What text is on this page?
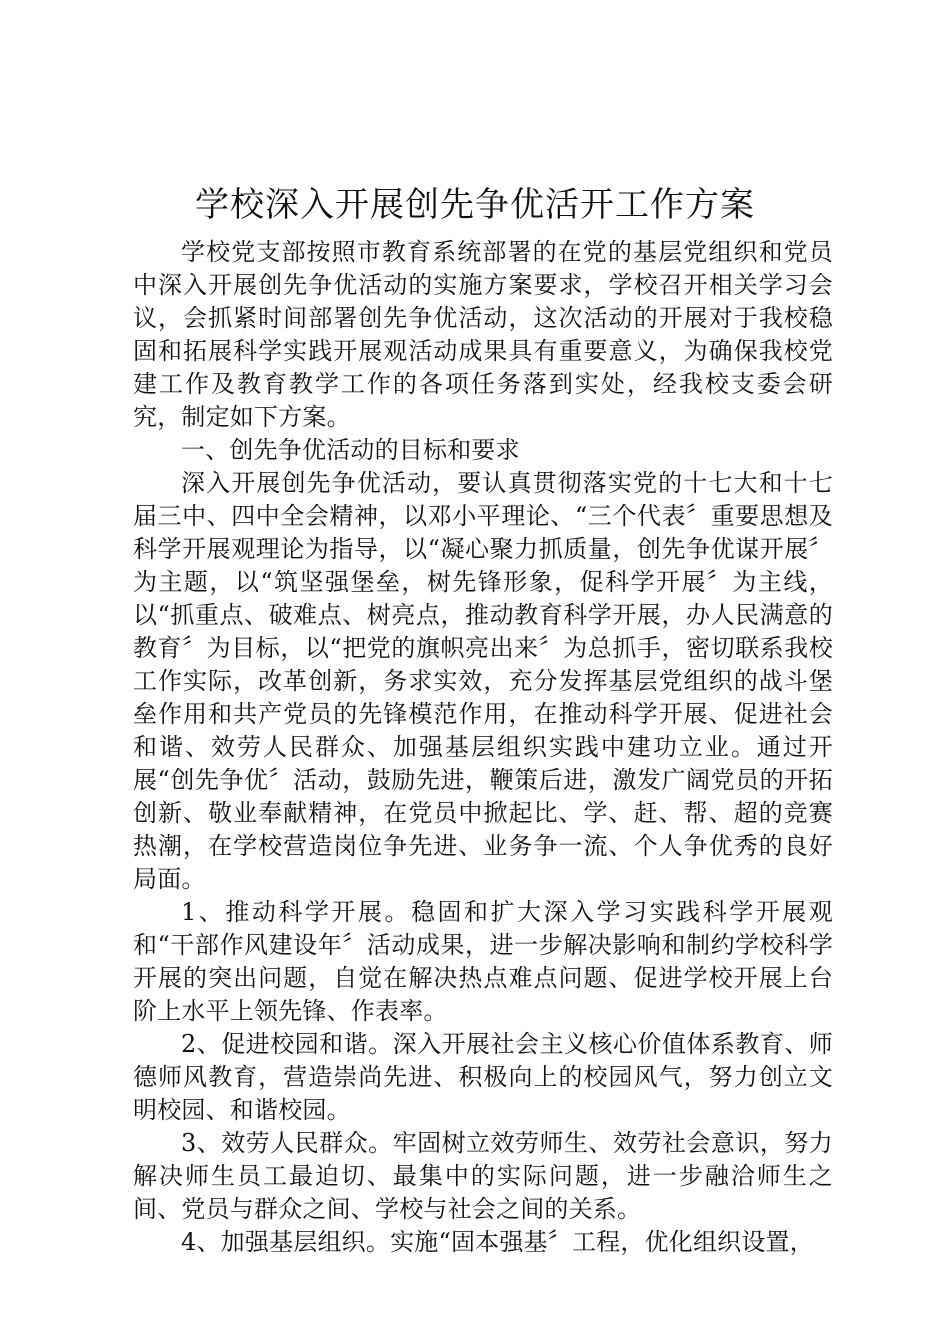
学校深入开展创先争优活开工作方案

学校党支部按照市教育系统部署的在党的基层党组织和党员中深入开展创先争优活动的实施方案要求，学校召开相关学习会议，会抓紧时间部署创先争优活动，这次活动的开展对于我校稳固和拓展科学实践开展观活动成果具有重要意义，为确保我校党建工作及教育教学工作的各项任务落到实处，经我校支委会研究，制定如下方案。

一、创先争优活动的目标和要求

深入开展创先争优活动，要认真贯彻落实党的十七大和十七届三中、四中全会精神，以邓小平理论、“三个代表〞重要思想及科学开展观理论为指导，以“凝心聚力抓质量，创先争优谋开展〞为主题，以“筑坚强堡垒，树先锋形象，促科学开展〞为主线，以“抓重点、破难点、树亮点，推动教育科学开展，办人民满意的教育〞为目标，以“把党的旗帜亮出来〞为总抓手，密切联系我校工作实际，改革创新，务求实效，充分发挥基层党组织的战斗堡垒作用和共产党员的先锋模范作用，在推动科学开展、促进社会和谐、效劳人民群众、加强基层组织实践中建功立业。通过开展“创先争优〞活动，鼓励先进，鞭策后进，激发广阔党员的开拓创新、敬业奉献精神，在党员中掀起比、学、赶、帮、超的竞赛热潮，在学校营造岗位争先进、业务争一流、个人争优秀的良好局面。

1、推动科学开展。稳固和扩大深入学习实践科学开展观和“干部作风建设年〞活动成果，进一步解决影响和制约学校科学开展的突出问题，自觉在解决热点难点问题、促进学校开展上台阶上水平上领先锋、作表率。

2、促进校园和谐。深入开展社会主义核心价值体系教育、师德师风教育，营造崇尚先进、积极向上的校园风气，努力创立文明校园、和谐校园。

3、效劳人民群众。牢固树立效劳师生、效劳社会意识，努力解决师生员工最迫切、最集中的实际问题，进一步融洽师生之间、党员与群众之间、学校与社会之间的关系。

4、加强基层组织。实施“固本强基〞工程，优化组织设置，
